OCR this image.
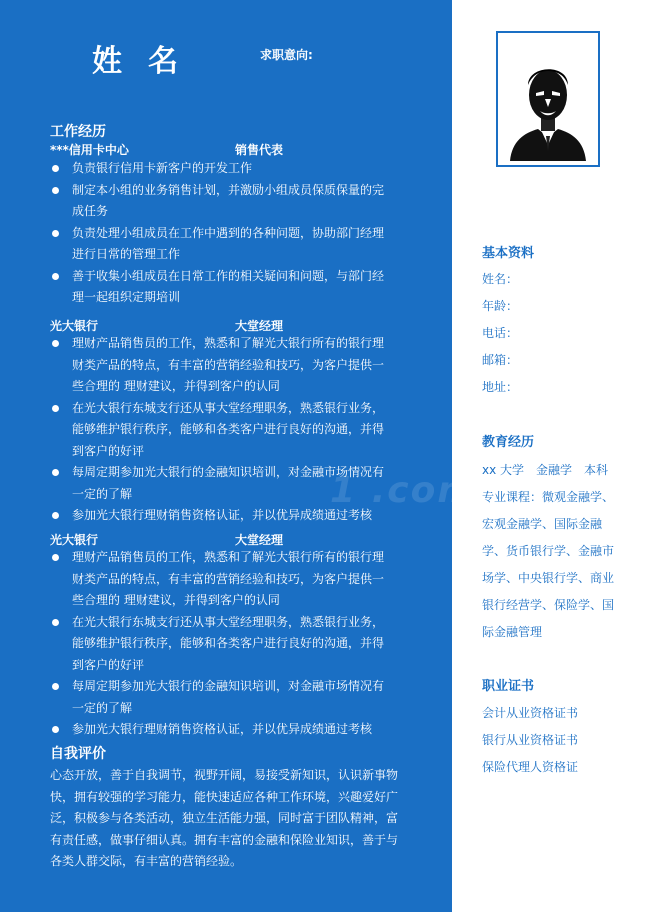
姓名	求职意向:
工作经历
***信用卡中心	销售代表
负责银行信用卡新客户的开发工作
制定本小组的业务销售计划，并激励小组成员保质保量的完成任务
负责处理小组成员在工作中遇到的各种问题，协助部门经理进行日常的管理工作
善于收集小组成员在日常工作的相关疑问和问题，与部门经理一起组织定期培训
光大银行	大堂经理
理财产品销售员的工作，熟悉和了解光大银行所有的银行理财类产品的特点，有丰富的营销经验和技巧，为客户提供一些合理的 理财建议，并得到客户的认同
在光大银行东城支行还从事大堂经理职务，熟悉银行业务，能够维护银行秩序，能够和各类客户进行良好的沟通，并得到客户的好评
每周定期参加光大银行的金融知识培训，对金融市场情况有一定的了解
参加光大银行理财销售资格认证，并以优异成绩通过考核
光大银行	大堂经理
理财产品销售员的工作，熟悉和了解光大银行所有的银行理财类产品的特点，有丰富的营销经验和技巧，为客户提供一些合理的 理财建议，并得到客户的认同
在光大银行东城支行还从事大堂经理职务，熟悉银行业务，能够维护银行秩序，能够和各类客户进行良好的沟通，并得到客户的好评
每周定期参加光大银行的金融知识培训，对金融市场情况有一定的了解
参加光大银行理财销售资格认证，并以优异成绩通过考核
自我评价
心态开放，善于自我调节，视野开阔，易接受新知识，认识新事物快，拥有较强的学习能力，能快速适应各种工作环境，兴趣爱好广泛，积极参与各类活动，独立生活能力强，同时富于团队精神，富有责任感，做事仔细认真。拥有丰富的金融和保险业知识，善于与各类人群交际，有丰富的营销经验。
基本资料
姓名：
年龄：
电话：
邮箱：
地址：
教育经历
xx 大学　金融学　本科
专业课程：微观金融学、宏观金融学、国际金融学、货币银行学、金融市场学、中央银行学、商业银行经营学、保险学、国际金融管理
职业证书
会计从业资格证书
银行从业资格证书
保险代理人资格证
